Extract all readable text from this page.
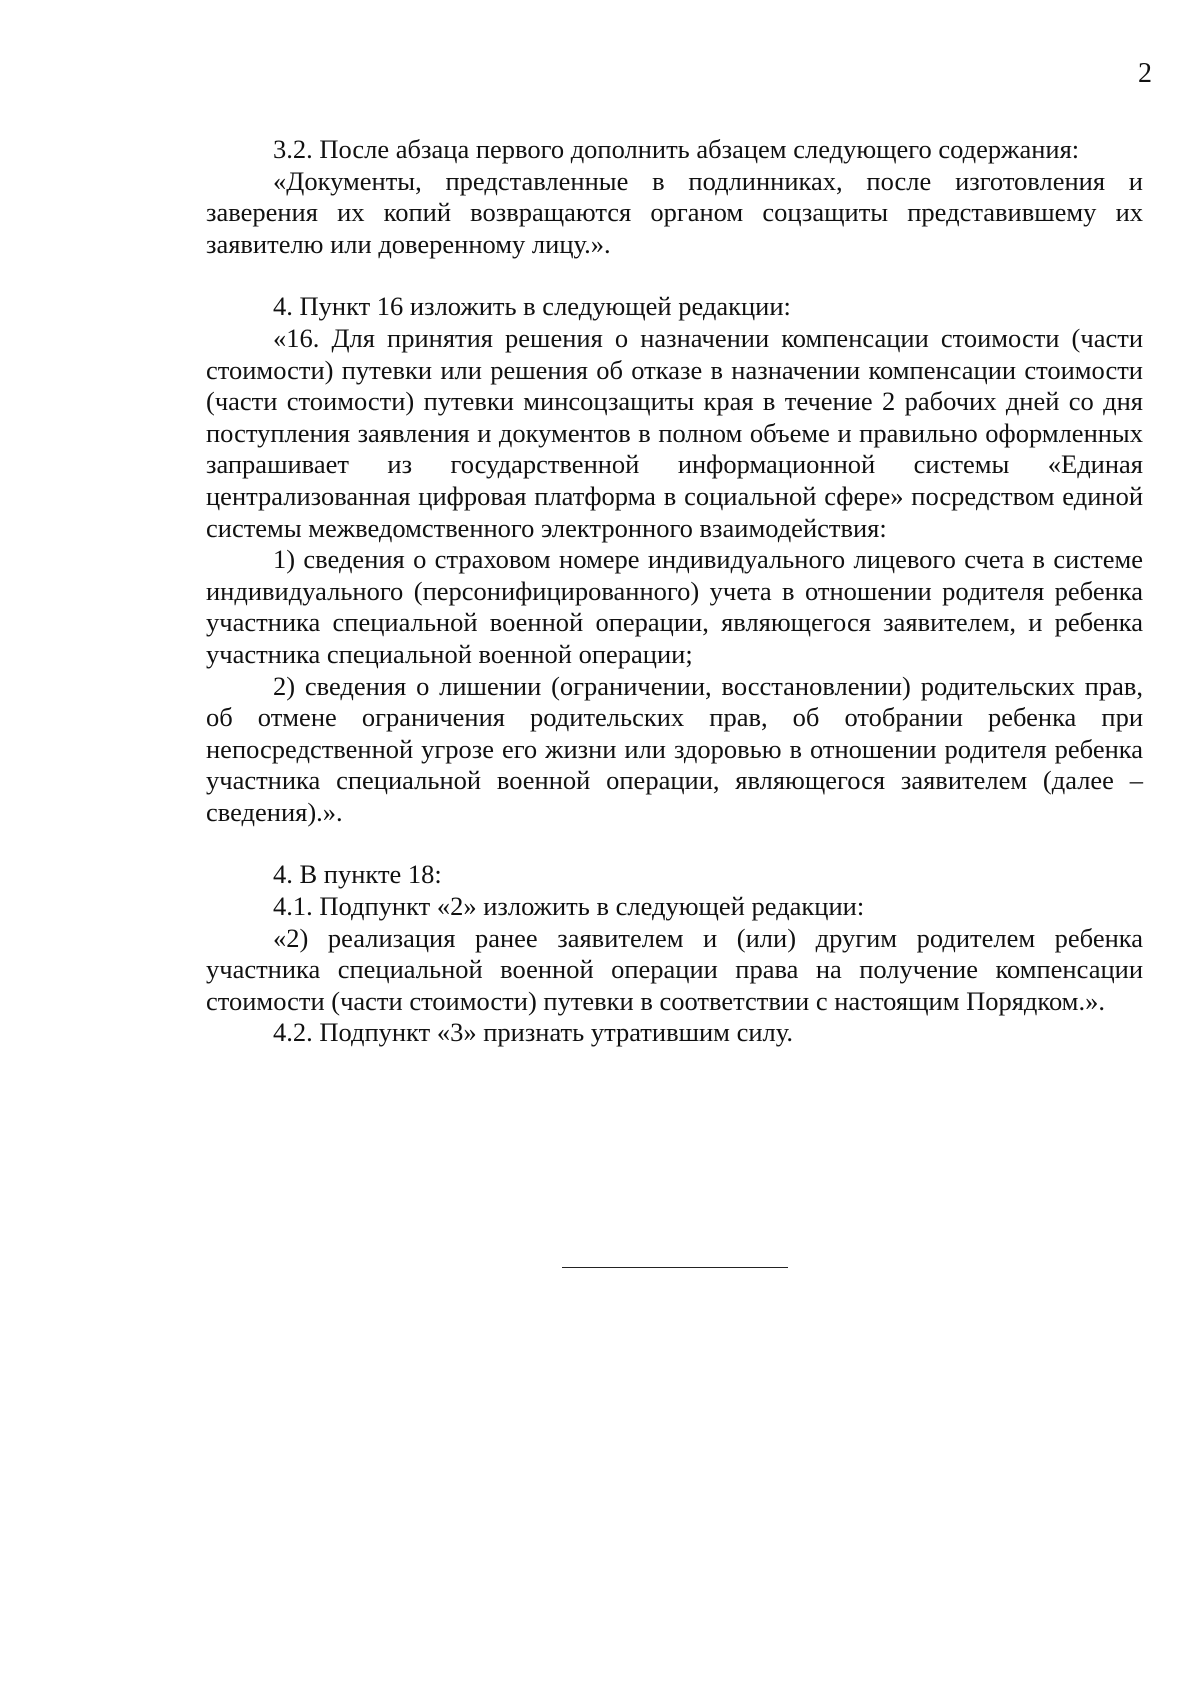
2

3.2. После абзаца первого дополнить абзацем следующего содержания:

«Документы, представленные в подлинниках, после изготовления и заверения их копий возвращаются органом соцзащиты представившему их заявителю или доверенному лицу.».

4. Пункт 16 изложить в следующей редакции:

«16. Для принятия решения о назначении компенсации стоимости (части стоимости) путевки или решения об отказе в назначении компенсации стоимости (части стоимости) путевки минсоцзащиты края в течение 2 рабочих дней со дня поступления заявления и документов в полном объеме и правильно оформленных запрашивает из государственной информационной системы «Единая централизованная цифровая платформа в социальной сфере» посредством единой системы межведомственного электронного взаимодействия:

1) сведения о страховом номере индивидуального лицевого счета в системе индивидуального (персонифицированного) учета в отношении родителя ребенка участника специальной военной операции, являющегося заявителем, и ребенка участника специальной военной операции;

2) сведения о лишении (ограничении, восстановлении) родительских прав, об отмене ограничения родительских прав, об отобрании ребенка при непосредственной угрозе его жизни или здоровью в отношении родителя ребенка участника специальной военной операции, являющегося заявителем (далее – сведения).».

4. В пункте 18:

4.1. Подпункт «2» изложить в следующей редакции:

«2) реализация ранее заявителем и (или) другим родителем ребенка участника специальной военной операции права на получение компенсации стоимости (части стоимости) путевки в соответствии с настоящим Порядком.».

4.2. Подпункт «3» признать утратившим силу.
